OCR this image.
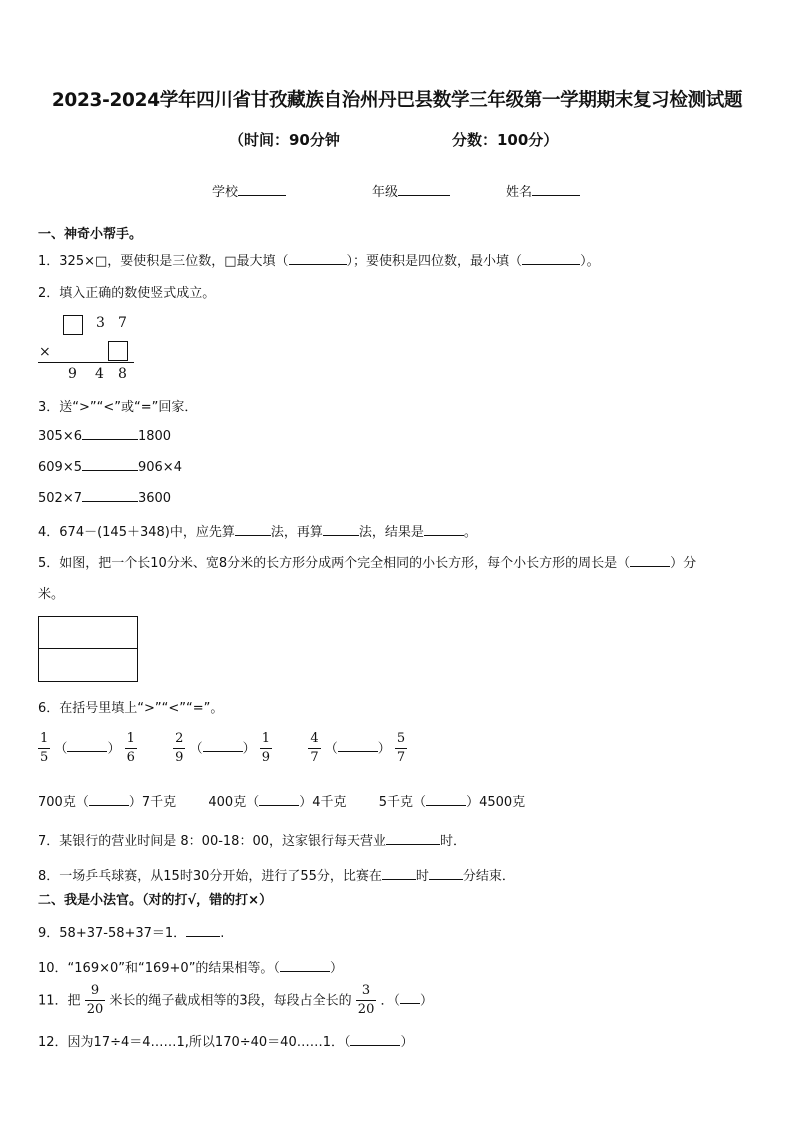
2023-2024学年四川省甘孜藏族自治州丹巴县数学三年级第一学期期末复习检测试题
（时间：90分钟	分数：100分）
学校	年级	姓名
一、神奇小帮手。
1．325×□，要使积是三位数，□最大填（	）；要使积是四位数，最小填（	）。
2．填入正确的数使竖式成立。
3 7
×
9 4 8
3．送“>”“<”或“=”回家．
305×6	1800
609×5	906×4
502×7	3600
4．674－(145＋348)中，应先算	法，再算	法，结果是	。
5．如图，把一个长10分米、宽8分米的长方形分成两个完全相同的小长方形，每个小长方形的周长是（	）分
米。
6．在括号里填上“>”“<”“=”。
$\frac{1}{5}$ （	） $\frac{1}{6}$
	$\frac{2}{9}$ （	） $\frac{1}{9}$
	$\frac{4}{7}$ （	） $\frac{5}{7}$
700克（	）7千克 400克（	）4千克 5千克（	）4500克
7．某银行的营业时间是 8：00-18：00，这家银行每天营业	时．
8．一场乒乓球赛，从15时30分开始，进行了55分，比赛在	时	分结束．
二、我是小法官。（对的打√，错的打×）
9．58+37-58+37＝1．	.
10．“169×0”和“169+0”的结果相等。（	）
11．把 $\frac{9}{20}$ 米长的绳子截成相等的3段，每段占全长的 $\frac{3}{20}$ ．（ ）
12．因为17÷4＝4……1,所以170÷40＝40……1．（	）
